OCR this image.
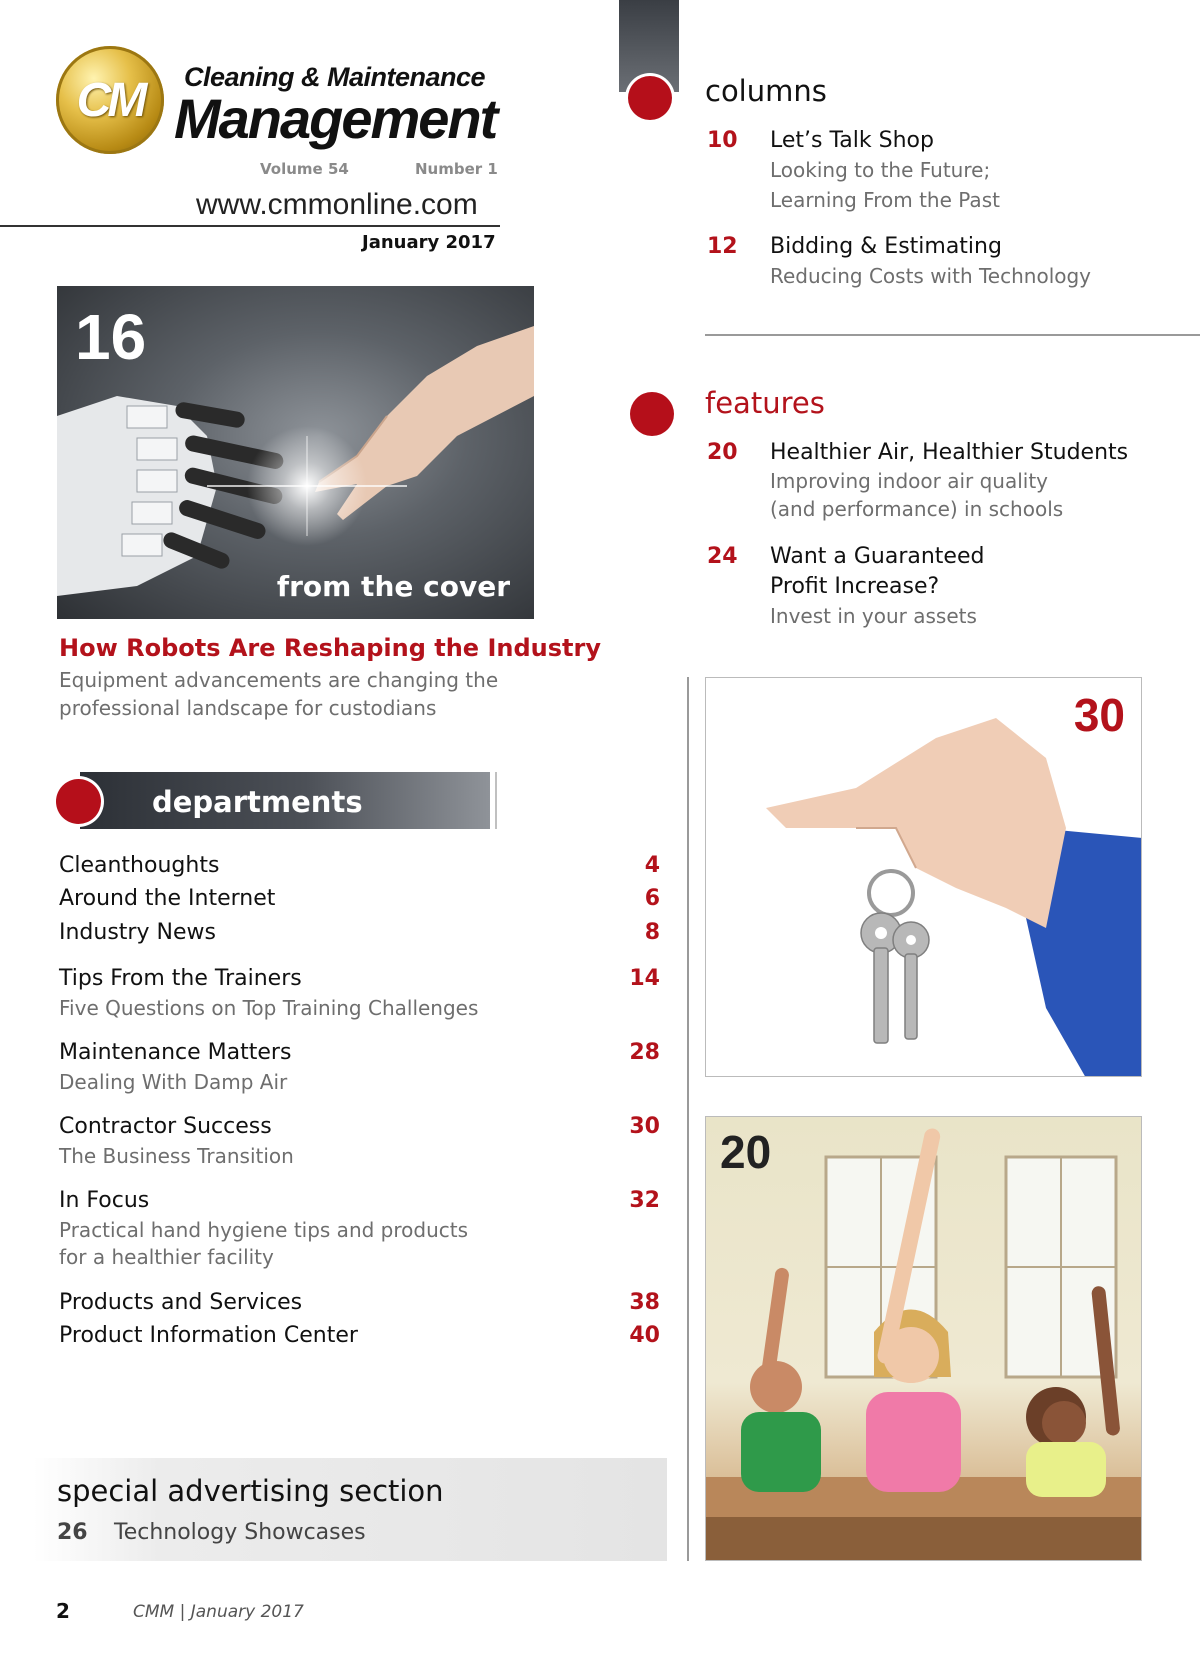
CM Cleaning & Maintenance
Management
Volume 54	Number 1
www.cmmonline.com
January 2017
16
from the cover
How Robots Are Reshaping the Industry
Equipment advancements are changing the professional landscape for custodians
departments
Cleanthoughts	4
Around the Internet	6
Industry News	8
Tips From the Trainers	14
Five Questions on Top Training Challenges
Maintenance Matters	28
Dealing With Damp Air
Contractor Success	30
The Business Transition
In Focus	32
Practical hand hygiene tips and products
for a healthier facility
Products and Services	38
Product Information Center	40
special advertising section
26 Technology Showcases
2	CMM | January 2017
columns
10 Let’s Talk Shop
Looking to the Future;
Learning From the Past
12 Bidding & Estimating
Reducing Costs with Technology
features
20 Healthier Air, Healthier Students
Improving indoor air quality
(and performance) in schools
24 Want a Guaranteed
Profit Increase?
Invest in your assets
30
20
